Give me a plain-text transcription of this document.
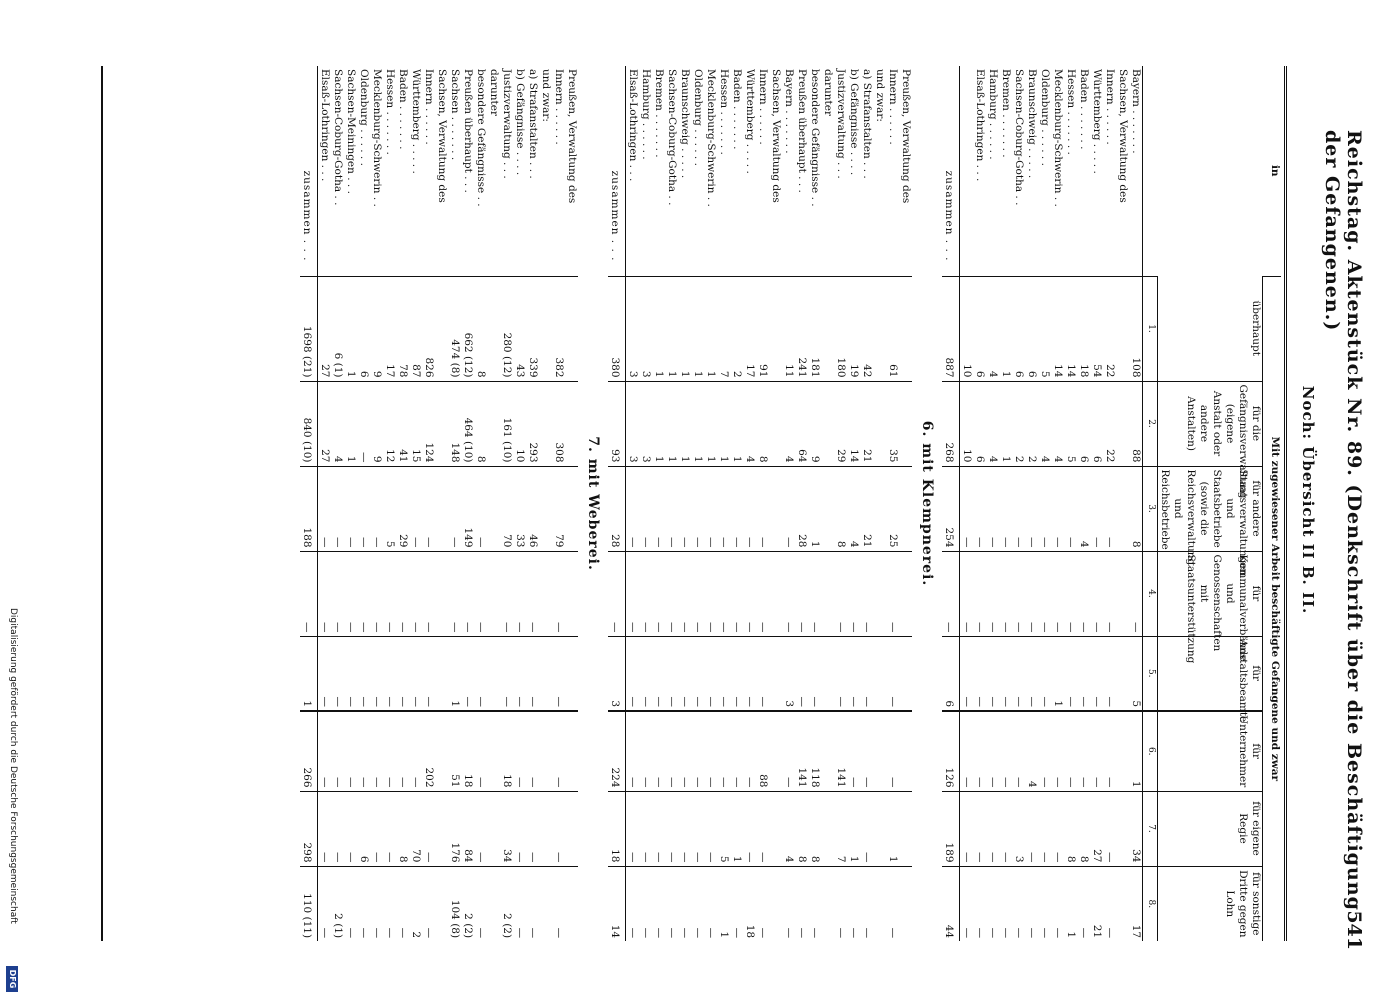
Reichstag. Aktenstück Nr. 89. (Denkschrift über die Beschäftigung der Gefangenen.)
541
Noch: Übersicht II B. II.
in	Mit zugewiesener Arbeit beschäftigte Gefangene und zwar							
	überhaupt	für die Gefängnisverwaltung (eigene Anstalt oder andere Anstalten)	für andere Staatsverwaltungen und Staatsbetriebe (sowie die Reichsverwaltung und Reichsbetriebe	für Kommunalverbände und Genossenschaften mit Staatsunterstützung	für Anstaltsbeamte	für Unternehmer	für eigene Regie	für sonstige Dritte gegen Lohn
	1.	2.	3.	4.	5.	6.	7.	8.
Bayern . . . . . . .	108	88	8	—	5	1	34	17
Sachsen, Verwaltung des								
Innern . . . . . .	22	22	—	—	—	—	—	—
Württemberg . . . . .	54	6	—	—	—	—	27	21
Baden . . . . . . .	18	6	4	—	—	—	8	—
Hessen . . . . . . .	14	5	—	—	—	—	8	1
Mecklenburg-Schwerin . .	14	4	—	—	1	—	—	—
Oldenburg . . . . . .	5	4	—	—	—	—	—	—
Braunschweig . . . . .	6	2	—	—	—	4	—	—
Sachsen-Coburg-Gotha . .	6	2	—	—	—	—	3	—
Bremen . . . . . . .	1	1	—	—	—	—	—	—
Hamburg . . . . . .	4	4	—	—	—	—	—	—
Elsaß-Lothringen . . .	6	6	—	—	—	—	—	—
	10	10	—	—	—	—	—	—
zusammen . . .	887	268	254	—	6	126	189	44
6. mit Klempnerei.								
Preußen, Verwaltung des								
Innern . . . . . .	61	35	25	—	—	—	1	—
und zwar:								
a) Strafanstalten . . .	42	21	21	—	—	—	—	—
b) Gefängnisse . . . .	19	14	4	—	—	—	1	—
Justizverwaltung . . .	180	29	8	—	—	141	7	—
darunter								
besondere Gefängnisse . .	181	9	1	—	—	118	8	—

Preußen überhaupt . . .	241	64	28	—	—	141	8	—
Bayern . . . . . . .	11	4	—	—	3	—	4	—
Sachsen, Verwaltung des								
Innern . . . . . .	91	8	—	—	—	88	—	—
Württemberg . . . . .	17	4	—	—	—	—	—	18
Baden . . . . . . .	2	1	—	—	—	—	1	—
Hessen . . . . . . .	7	1	—	—	—	—	5	1
Mecklenburg-Schwerin . .	1	1	—	—	—	—	—	—
Oldenburg . . . . . .	1	1	—	—	—	—	—	—
Braunschweig . . . . .	1	1	—	—	—	—	—	—
Sachsen-Coburg-Gotha . .	1	1	—	—	—	—	—	—
Bremen . . . . . . .	1	1	—	—	—	—	—	—
Hamburg . . . . . .	3	3	—	—	—	—	—	—
Elsaß-Lothringen . . .	3	3	—	—	—	—	—	—
zusammen . . .	380	93	28	—	3	224	18	14
7. mit Weberei.								
Preußen, Verwaltung des								
Innern . . . . . .	382	308	79	—	—	—	—	—
und zwar:								
a) Strafanstalten . . .	339	293	46	—	—	—	—	—
b) Gefängnisse . . . .	43	10	33	—	—	—	—	—
Justizverwaltung . . .	280 (12)	161 (10)	70	—	—	18	34	2 (2)
darunter								
besondere Gefängnisse . .	8	8	—	—	—	—	—	—

Preußen überhaupt . . .	662 (12)	464 (10)	149	—	—	18	84	2 (2)
Sachsen . . . . . . .	474 (8)	148	—	—	1	51	176	104 (8)
Sachsen, Verwaltung des								
Innern . . . . . .	826	124	—	—	—	202	—	—
Württemberg . . . . .	87	15	—	—	—	—	70	2
Baden . . . . . . .	78	41	29	—	—	—	8	—
Hessen . . . . . . .	17	12	5	—	—	—	—	—
Mecklenburg-Schwerin . .	9	9	—	—	—	—	—	—
Oldenburg . . . . . .	6	—	—	—	—	—	6	—
Sachsen-Meiningen . . .	1	1	—	—	—	—	—	—
Sachsen-Coburg-Gotha . .	6 (1)	4	—	—	—	—	—	2 (1)
Elsaß-Lothringen . . .	27	27	—	—	—	—	—	—
zusammen . . .	1698 (21)	840 (10)	188	—	1	266	298	110 (11)
Digitalisierung gefördert durch die Deutsche Forschungsgemeinschaft
DFG
